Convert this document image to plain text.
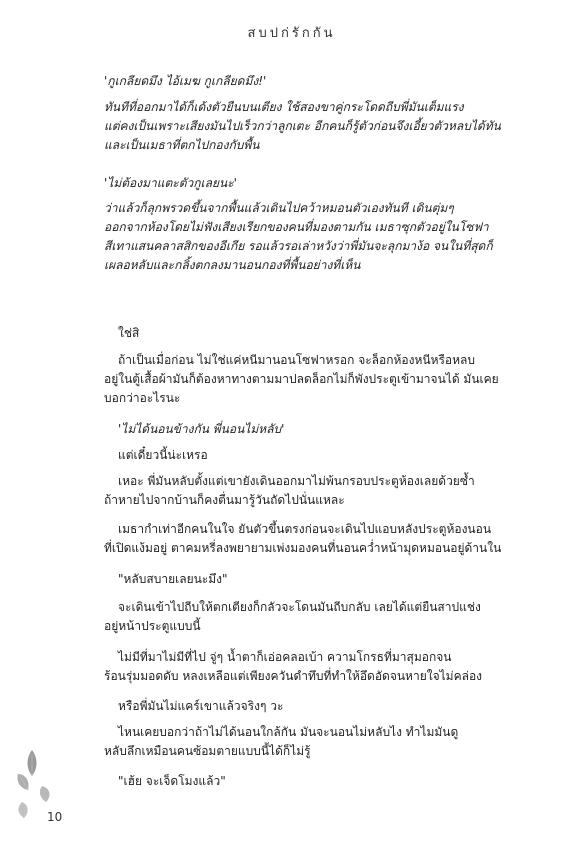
สบปก่รักกัน
'กูเกลียดมึง ไอ้เมฆ กูเกลียดมึง!'
ทันทีที่ออกมาได้ก็เด้งตัวยืนบนเตียง ใช้สองขาคู่กระโดดถีบพี่มันเต็มแรง
แต่คงเป็นเพราะเสียงมันไปเร็วกว่าลูกเตะ อีกคนก็รู้ตัวก่อนจึงเอี้ยวตัวหลบได้ทัน
และเป็นเมธาที่ตกไปกองกับพื้น
'ไม่ต้องมาแตะตัวกูเลยนะ'
ว่าแล้วก็ลุกพรวดขึ้นจากพื้นแล้วเดินไปคว้าหมอนตัวเองทันที เดินตุ่มๆ
ออกจากห้องโดยไม่ฟังเสียงเรียกของคนที่มองตามกัน เมธาซุกตัวอยู่ในโซฟา
สีเทาแสนคลาสสิกของอีเกีย รอแล้วรอเล่าหวังว่าพี่มันจะลุกมาง้อ จนในที่สุดก็
เผลอหลับและกลิ้งตกลงมานอนกองที่พื้นอย่างที่เห็น
ใช่สิ
ถ้าเป็นเมื่อก่อน ไม่ใช่แค่หนีมานอนโซฟาหรอก จะล็อกห้องหนีหรือหลบ
อยู่ในตู้เสื้อผ้ามันก็ต้องหาทางตามมาปลดล็อกไม่ก็พังประตูเข้ามาจนได้ มันเคย
บอกว่าอะไรนะ
'ไม่ได้นอนข้างกัน พี่นอนไม่หลับ'
แต่เดี๋ยวนี้น่ะเหรอ
เหอะ พี่มันหลับตั้งแต่เขายังเดินออกมาไม่พ้นกรอบประตูห้องเลยด้วยซ้ำ
ถ้าหายไปจากบ้านก็คงตื่นมารู้วันถัดไปนั่นแหละ
เมธากำเท่าอีกคนในใจ ยันตัวขึ้นตรงก่อนจะเดินไปแอบหลังประตูห้องนอน
ที่เปิดแง้มอยู่ ตาคมหรี่ลงพยายามเพ่งมองคนที่นอนคว่ำหน้ามุดหมอนอยู่ด้านใน
"หลับสบายเลยนะมึง"
จะเดินเข้าไปถีบให้ตกเตียงก็กลัวจะโดนมันถีบกลับ เลยได้แต่ยืนสาปแช่ง
อยู่หน้าประตูแบบนี้
ไม่มีที่มาไม่มีที่ไป จู่ๆ น้ำตาก็เอ่อคลอเบ้า ความโกรธที่มาสุมอกจน
ร้อนรุ่มมอดดับ หลงเหลือแต่เพียงควันดำทึบที่ทำให้อึดอัดจนหายใจไม่คล่อง
หรือพี่มันไม่แคร์เขาแล้วจริงๆ วะ
ไหนเคยบอกว่าถ้าไม่ได้นอนใกล้กัน มันจะนอนไม่หลับไง ทำไมมันดู
หลับลึกเหมือนคนซ้อมตายแบบนี้ได้ก็ไม่รู้
"เฮ้ย จะเจ็ดโมงแล้ว"
10
